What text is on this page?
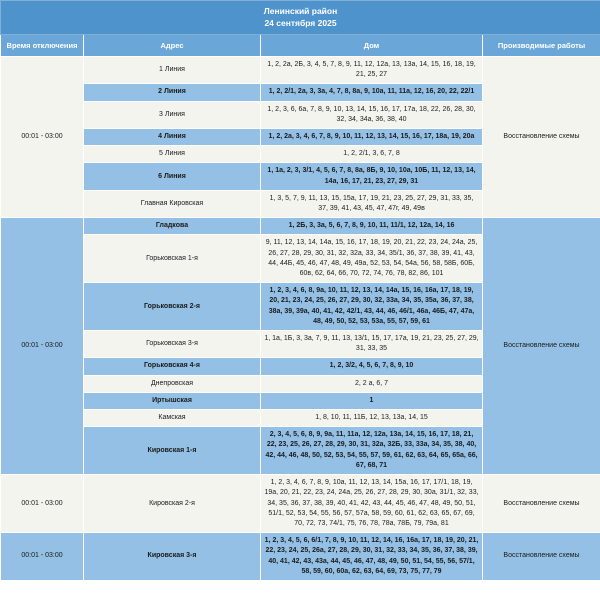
Ленинский район
24 сентября 2025			

Время отключения	Адрес	Дом	Производимые работы
00:01 - 03:00	1 Линия	1, 2, 2а, 2Б, 3, 4, 5, 7, 8, 9, 11, 12, 12а, 13, 13а, 14, 15, 16, 18, 19, 21, 25, 27	Восстановление схемы
	2 Линия	1, 2, 2/1, 2а, 3, 3а, 4, 7, 8, 8а, 9, 10а, 11, 11а, 12, 16, 20, 22, 22/1	
	3 Линия	1, 2, 3, 6, 6а, 7, 8, 9, 10, 13, 14, 15, 16, 17, 17а, 18, 22, 26, 28, 30, 32, 34, 34а, 36, 38, 40	
	4 Линия	1, 2, 2а, 3, 4, 6, 7, 8, 9, 10, 11, 12, 13, 14, 15, 16, 17, 18а, 19, 20а	
	5 Линия	1, 2, 2/1, 3, 6, 7, 8	
	6 Линия	1, 1а, 2, 3, 3/1, 4, 5, 6, 7, 8, 8а, 8Б, 9, 10, 10а, 10Б, 11, 12, 13, 14, 14а, 16, 17, 21, 23, 27, 29, 31	
	Главная Кировская	1, 3, 5, 7, 9, 11, 13, 15, 15а, 17, 19, 21, 23, 25, 27, 29, 31, 33, 35, 37, 39, 41, 43, 45, 47, 47г, 49, 49в	
00:01 - 03:00	Гладкова	1, 2Б, 3, 3а, 5, 6, 7, 8, 9, 10, 11, 11/1, 12, 12а, 14, 16	Восстановление схемы
	Горьковская 1-я	9, 11, 12, 13, 14, 14а, 15, 16, 17, 18, 19, 20, 21, 22, 23, 24, 24а, 25, 26, 27, 28, 29, 30, 31, 32, 32а, 33, 34, 35/1, 36, 37, 38, 39, 41, 43, 44, 44Б, 45, 46, 47, 48, 49, 49а, 52, 53, 54, 54а, 56, 58, 58Б, 60Б, 60в, 62, 64, 66, 70, 72, 74, 76, 78, 82, 86, 101	
	Горьковская 2-я	1, 2, 3, 4, 6, 8, 9а, 10, 11, 12, 13, 14, 14а, 15, 16, 16а, 17, 18, 19, 20, 21, 23, 24, 25, 26, 27, 29, 30, 32, 33а, 34, 35, 35а, 36, 37, 38, 38а, 39, 39а, 40, 41, 42, 42/1, 43, 44, 46, 46/1, 46а, 46Б, 47, 47а, 48, 49, 50, 52, 53, 53а, 55, 57, 59, 61	
	Горьковская 3-я	1, 1а, 1Б, 3, 3а, 7, 9, 11, 13, 13/1, 15, 17, 17а, 19, 21, 23, 25, 27, 29, 31, 33, 35	
	Горьковская 4-я	1, 2, 3/2, 4, 5, 6, 7, 8, 9, 10	
	Днепровская	2, 2 а, 6, 7	
	Иртышская	1	
	Камская	1, 8, 10, 11, 11Б, 12, 13, 13а, 14, 15	
	Кировская 1-я	2, 3, 4, 5, 6, 8, 9, 9а, 11, 11а, 12, 12а, 13а, 14, 15, 16, 17, 18, 21, 22, 23, 25, 26, 27, 28, 29, 30, 31, 32а, 32Б, 33, 33а, 34, 35, 38, 40, 42, 44, 46, 48, 50, 52, 53, 54, 55, 57, 59, 61, 62, 63, 64, 65, 65а, 66, 67, 68, 71	
00:01 - 03:00	Кировская 2-я	1, 2, 3, 4, 6, 7, 8, 9, 10а, 11, 12, 13, 14, 15а, 16, 17, 17/1, 18, 19, 19а, 20, 21, 22, 23, 24, 24а, 25, 26, 27, 28, 29, 30, 30а, 31/1, 32, 33, 34, 35, 36, 37, 38, 39, 40, 41, 42, 43, 44, 45, 46, 47, 48, 49, 50, 51, 51/1, 52, 53, 54, 55, 56, 57, 57а, 58, 59, 60, 61, 62, 63, 65, 67, 69, 70, 72, 73, 74/1, 75, 76, 78, 78а, 78Б, 79, 79а, 81	Восстановление схемы
00:01 - 03:00	Кировская 3-я	1, 2, 3, 4, 5, 6, 6/1, 7, 8, 9, 10, 11, 12, 14, 16, 16а, 17, 18, 19, 20, 21, 22, 23, 24, 25, 26а, 27, 28, 29, 30, 31, 32, 33, 34, 35, 36, 37, 38, 39, 40, 41, 42, 43, 43а, 44, 45, 46, 47, 48, 49, 50, 51, 54, 55, 56, 57/1, 58, 59, 60, 60а, 62, 63, 64, 69, 73, 75, 77, 79	Восстановление схемы
